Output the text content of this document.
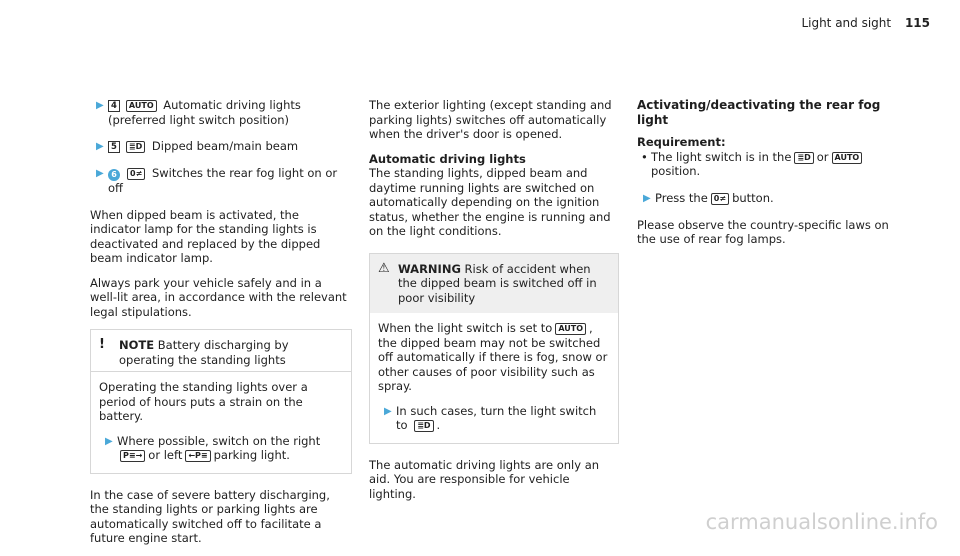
Light and sight 115
▶ 4 AUTO Automatic driving lights (preferred light switch position)
▶ 5 ≣D Dipped beam/main beam
▶ 6 0≠ Switches the rear fog light on or off

When dipped beam is activated, the indicator lamp for the standing lights is deactivated and replaced by the dipped beam indicator lamp.

Always park your vehicle safely and in a well-lit area, in accordance with the relevant legal stipulations.

!	NOTE Battery discharging by operating the standing lights

Operating the standing lights over a period of hours puts a strain on the battery.

▶ Where possible, switch on the right P≡→ or left ←P≡ parking light.

In the case of severe battery discharging, the standing lights or parking lights are automatically switched off to facilitate a future engine start.

The exterior lighting (except standing and parking lights) switches off automatically when the driver's door is opened.

Automatic driving lights

The standing lights, dipped beam and daytime running lights are switched on automatically depending on the ignition status, whether the engine is running and on the light conditions.

⚠ WARNING Risk of accident when the dipped beam is switched off in poor visibility

When the light switch is set to AUTO , the dipped beam may not be switched off automatically if there is fog, snow or other causes of poor visibility such as spray.

▶ In such cases, turn the light switch to ≣D .

The automatic driving lights are only an aid. You are responsible for vehicle lighting.

Activating/deactivating the rear fog light

Requirement:

• The light switch is in the ≣D or AUTOposition.
▶ Press the 0≠ button.

Please observe the country-specific laws on the use of rear fog lamps.

carmanualsonline.info
